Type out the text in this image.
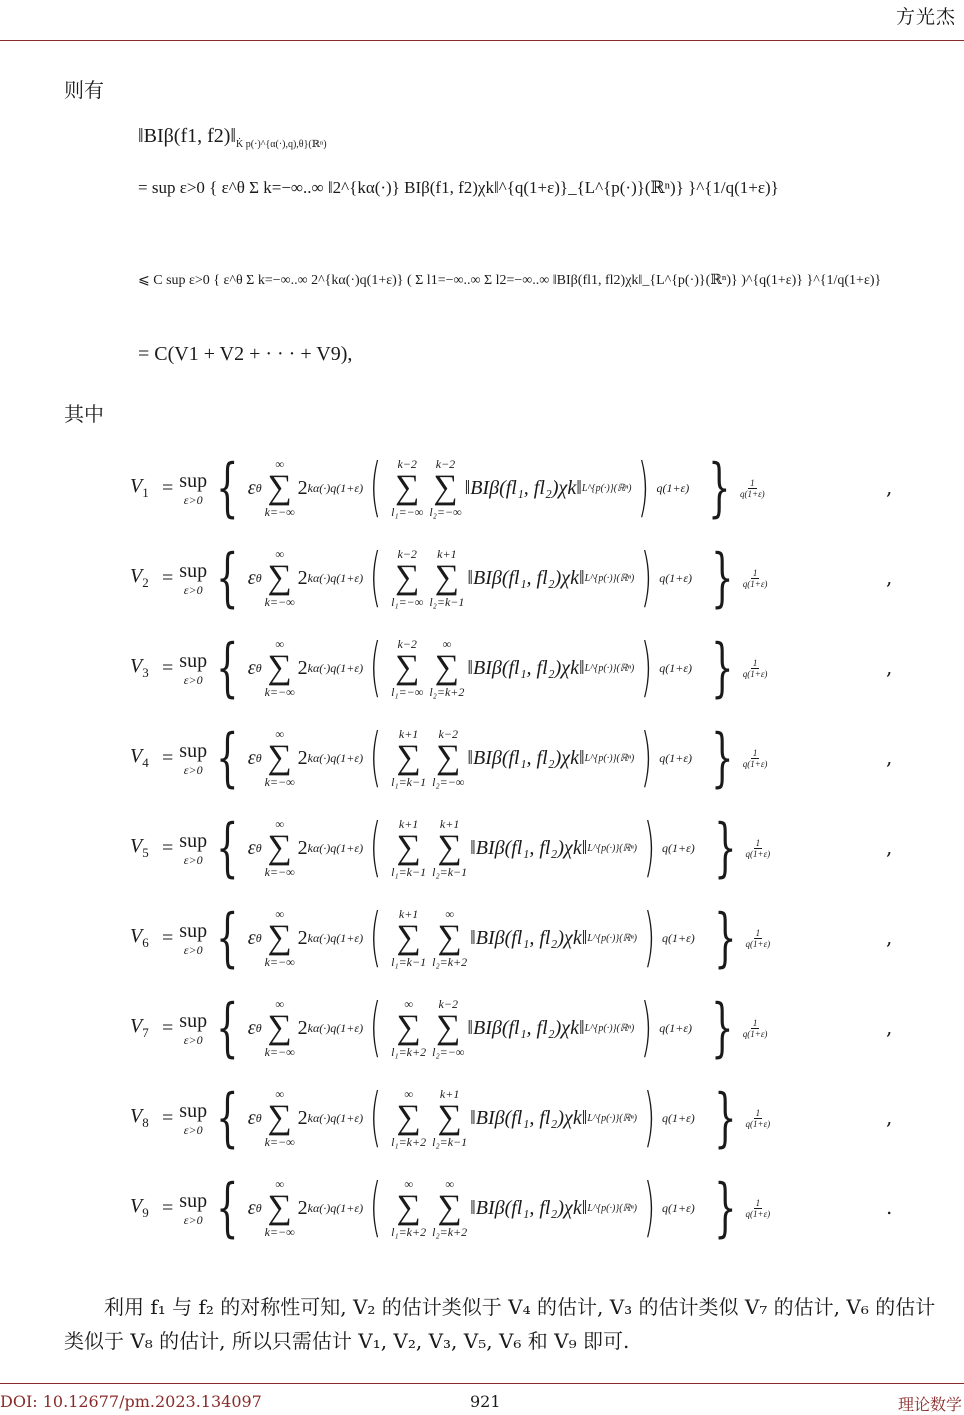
方光杰
则有
‖BIβ(f1, $f2)‖_{K̇ p(\cdot)\^{}\{\alpha(\cdot),q),\theta\}(ℝ^n)}$
= sup ε>0 { ε^θ Σ k=−∞..∞ ‖2^{kα(·)} BIβ(f1, f2)χk‖^{q(1+ε)}_{L^{p(·)}(ℝⁿ)} }^{1/q(1+ε)}
⩽ C sup ε>0 { ε^θ Σ k=−∞..∞ 2^{kα(·)q(1+ε)} ( Σ l1=−∞..∞ Σ l2=−∞..∞ ‖BIβ(fl1, fl2)χk‖_{L^{p(·)}(ℝⁿ)} )^{q(1+ε)} }^{1/q(1+ε)}
= C(V1 + V2 + · · · + V9),
其中
$V_1$ = sup
ε>0 { ε θ
∞
∑
k=−∞
2 kα(·)q(1+ε) ( k−2
∑
l₁=−∞
k−2
∑
l₂=−∞
‖BIβ(fl₁, fl₂)χk‖ L^{p(·)}(ℝⁿ) ) q(1+ε) } $\frac{1}{q(1+\varepsilon)}$	,
$V_2$ = sup
ε>0 { ε θ
∞
∑
k=−∞
2 kα(·)q(1+ε) ( k−2
∑
l₁=−∞
k+1
∑
l₂=k−1
‖BIβ(fl₁, fl₂)χk‖ L^{p(·)}(ℝⁿ) ) q(1+ε) } $\frac{1}{q(1+\varepsilon)}$	,
$V_3$ = sup
ε>0 { ε θ
∞
∑
k=−∞
2 kα(·)q(1+ε) ( k−2
∑
l₁=−∞
∞
∑
l₂=k+2
‖BIβ(fl₁, fl₂)χk‖ L^{p(·)}(ℝⁿ) ) q(1+ε) } $\frac{1}{q(1+\varepsilon)}$	,
$V_4$ = sup
ε>0 { ε θ
∞
∑
k=−∞
2 kα(·)q(1+ε) ( k+1
∑
l₁=k−1
k−2
∑
l₂=−∞
‖BIβ(fl₁, fl₂)χk‖ L^{p(·)}(ℝⁿ) ) q(1+ε) } $\frac{1}{q(1+\varepsilon)}$	,
$V_5$ = sup
ε>0 { ε θ
∞
∑
k=−∞
2 kα(·)q(1+ε) ( k+1
∑
l₁=k−1
k+1
∑
l₂=k−1
‖BIβ(fl₁, fl₂)χk‖ L^{p(·)}(ℝⁿ) ) q(1+ε) } $\frac{1}{q(1+\varepsilon)}$	,
$V_6$ = sup
ε>0 { ε θ
∞
∑
k=−∞
2 kα(·)q(1+ε) ( k+1
∑
l₁=k−1
∞
∑
l₂=k+2
‖BIβ(fl₁, fl₂)χk‖ L^{p(·)}(ℝⁿ) ) q(1+ε) } $\frac{1}{q(1+\varepsilon)}$	,
$V_7$ = sup
ε>0 { ε θ
∞
∑
k=−∞
2 kα(·)q(1+ε) ( ∞
∑
l₁=k+2
k−2
∑
l₂=−∞
‖BIβ(fl₁, fl₂)χk‖ L^{p(·)}(ℝⁿ) ) q(1+ε) } $\frac{1}{q(1+\varepsilon)}$	,
$V_8$ = sup
ε>0 { ε θ
∞
∑
k=−∞
2 kα(·)q(1+ε) ( ∞
∑
l₁=k+2
k+1
∑
l₂=k−1
‖BIβ(fl₁, fl₂)χk‖ L^{p(·)}(ℝⁿ) ) q(1+ε) } $\frac{1}{q(1+\varepsilon)}$	,
$V_9$ = sup
ε>0 { ε θ
∞
∑
k=−∞
2 kα(·)q(1+ε) ( ∞
∑
l₁=k+2
∞
∑
l₂=k+2
‖BIβ(fl₁, fl₂)χk‖ L^{p(·)}(ℝⁿ) ) q(1+ε) } $\frac{1}{q(1+\varepsilon)}$	.
利用 f₁ 与 f₂ 的对称性可知, V₂ 的估计类似于 V₄ 的估计, V₃ 的估计类似 V₇ 的估计, V₆ 的估计
类似于 V₈ 的估计, 所以只需估计 V₁, V₂, V₃, V₅, V₆ 和 V₉ 即可.
DOI: 10.12677/pm.2023.134097	921	理论数学
